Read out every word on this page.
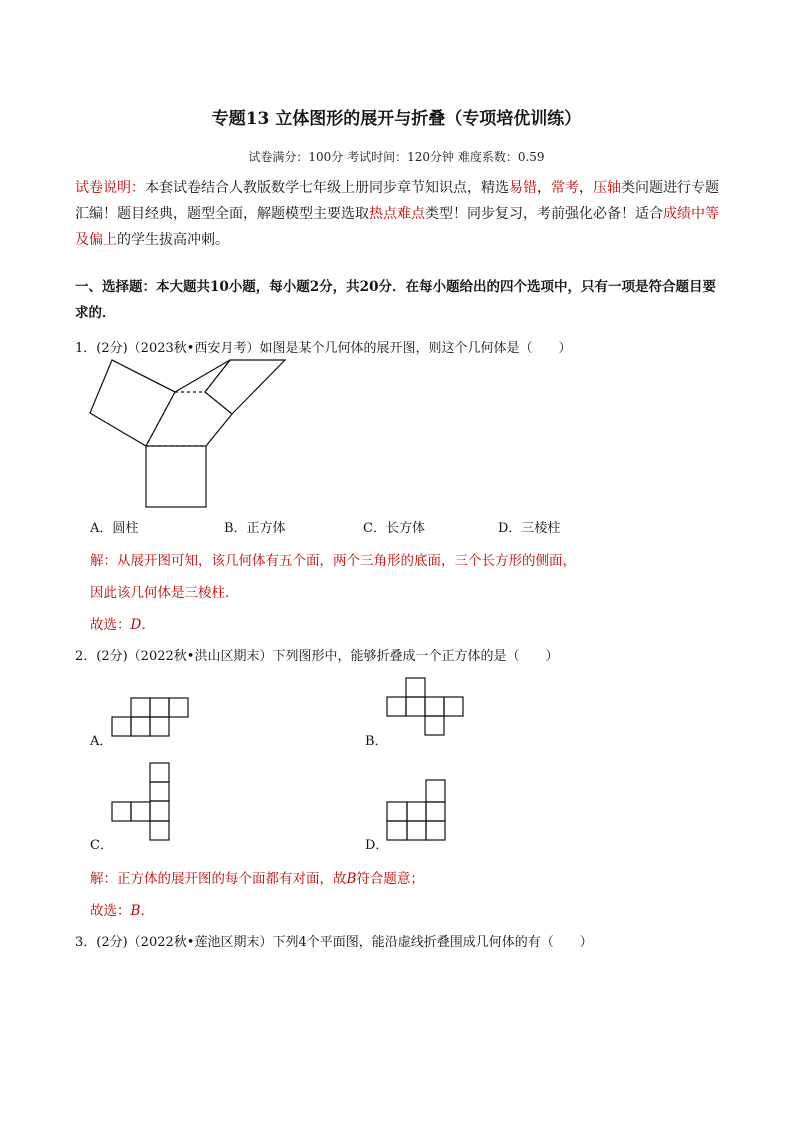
专题13 立体图形的展开与折叠（专项培优训练）
试卷满分：100分 考试时间：120分钟 难度系数：0.59
试卷说明：本套试卷结合人教版数学七年级上册同步章节知识点，精选易错，常考，压轴类问题进行专题汇编！题目经典，题型全面，解题模型主要选取热点难点类型！同步复习，考前强化必备！适合成绩中等及偏上的学生拔高冲刺。
一、选择题：本大题共10小题，每小题2分，共20分．在每小题给出的四个选项中，只有一项是符合题目要求的．
1．(2分)（2023秋•西安月考）如图是某个几何体的展开图，则这个几何体是（　　）
A．圆柱	B．正方体	C．长方体	D．三棱柱
解：从展开图可知，该几何体有五个面，两个三角形的底面，三个长方形的侧面，
因此该几何体是三棱柱．
故选：D．
2．(2分)（2022秋•洪山区期末）下列图形中，能够折叠成一个正方体的是（　　）
A．	B．
C．	D．
解：正方体的展开图的每个面都有对面，故B符合题意；
故选：B．
3．(2分)（2022秋•莲池区期末）下列4个平面图，能沿虚线折叠围成几何体的有（　　）
